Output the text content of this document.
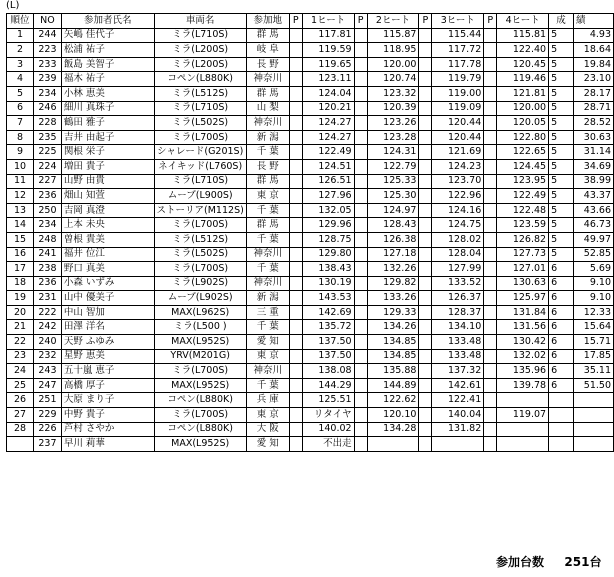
(L)
順位	NO	参加者氏名	車両名	参加地	P	1ヒート	P	2ヒート	P	3ヒート	P	4ヒート	成	績
1	244	矢嶋 佳代子	ミラ(L710S)	群 馬		117.81		115.87		115.44		115.81	5	4.93
2	223	松浦 祐子	ミラ(L200S)	岐 阜		119.59		118.95		117.72		122.40	5	18.64
3	233	飯島 美智子	ミラ(L200S)	長 野		119.65		120.00		117.78		120.45	5	19.84
4	239	福木 祐子	コペン(L880K)	神奈川		123.11		120.74		119.79		119.46	5	23.10
5	234	小林 恵美	ミラ(L512S)	群 馬		124.04		123.32		119.00		121.81	5	28.17
6	246	細川 真珠子	ミラ(L710S)	山 梨		120.21		120.39		119.09		120.00	5	28.71
7	228	鶴田 雅子	ミラ(L502S)	神奈川		124.27		123.26		120.44		120.05	5	28.52
8	235	吉井 由起子	ミラ(L700S)	新 潟		124.27		123.28		120.44		122.80	5	30.63
9	225	関根 栄子	シャレード(G201S)	千 葉		122.49		124.31		121.69		122.65	5	31.14
10	224	増田 貴子	ネイキッド(L760S)	長 野		124.51		122.79		124.23		124.45	5	34.69
11	227	山野 由貴	ミラ(L710S)	群 馬		126.51		125.33		123.70		123.95	5	38.99
12	236	畑山 知萱	ムーブ(L900S)	東 京		127.96		125.30		122.96		122.49	5	43.37
13	250	吉岡 真澄	ストーリア(M112S)	千 葉		132.05		124.97		124.16		122.48	5	43.66
14	234	上本 未央	ミラ(L700S)	群 馬		129.96		128.43		124.75		123.59	5	46.73
15	248	曽根 貴美	ミラ(L512S)	千 葉		128.75		126.38		128.02		126.82	5	49.97
16	241	福井 位江	ミラ(L502S)	神奈川		129.80		127.18		128.04		127.73	5	52.85
17	238	野口 真美	ミラ(L700S)	千 葉		138.43		132.26		127.99		127.01	6	5.69
18	236	小森 いずみ	ミラ(L902S)	神奈川		130.19		129.82		133.52		130.63	6	9.10
19	231	山中 優美子	ムーブ(L902S)	新 潟		143.53		133.26		126.37		125.97	6	9.10
20	222	中山 智加	MAX(L962S)	三 重		142.69		129.33		128.37		131.84	6	12.33
21	242	田澤 洋名	ミラ(L500 )	千 葉		135.72		134.26		134.10		131.56	6	15.64
22	240	天野 ふゆみ	MAX(L952S)	愛 知		137.50		134.85		133.48		130.42	6	15.71
23	232	星野 恵美	YRV(M201G)	東 京		137.50		134.85		133.48		132.02	6	17.85
24	243	五十嵐 恵子	ミラ(L700S)	神奈川		138.08		135.88		137.32		135.96	6	35.11
25	247	高橋 厚子	MAX(L952S)	千 葉		144.29		144.89		142.61		139.78	6	51.50
26	251	大原 まり子	コペン(L880K)	兵 庫		125.51		122.62		122.41				
27	229	中野 貴子	ミラ(L700S)	東 京		リタイヤ		120.10		140.04		119.07		
28	226	芦村 さやか	コペン(L880K)	大 阪		140.02		134.28		131.82				
	237	早川 莉華	MAX(L952S)	愛 知		不出走								
参加台数 251台
